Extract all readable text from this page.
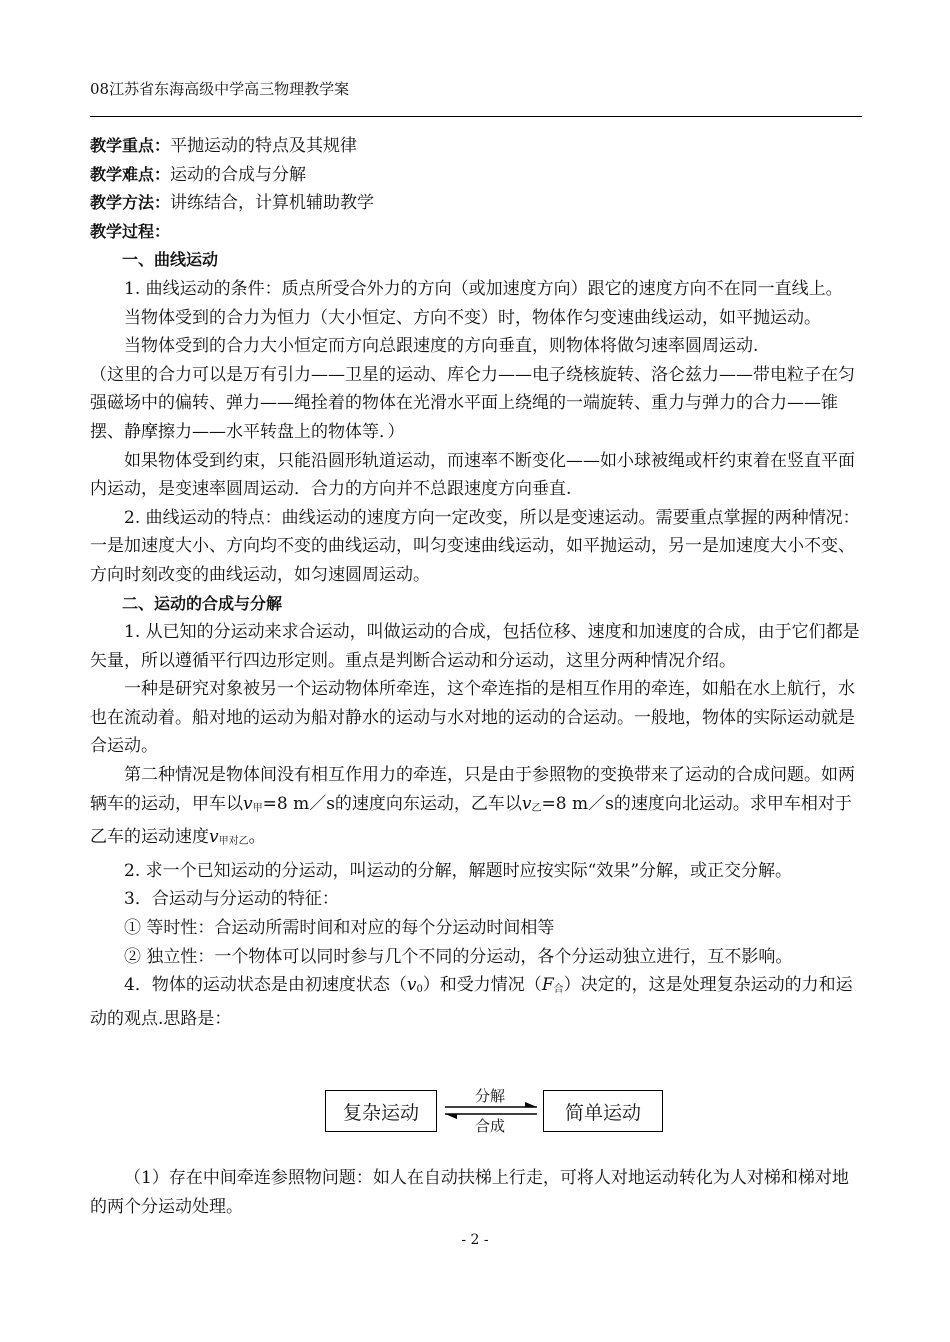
08江苏省东海高级中学高三物理教学案

教学重点：平抛运动的特点及其规律

教学难点：运动的合成与分解

教学方法：讲练结合，计算机辅助教学

教学过程：

一、曲线运动

1. 曲线运动的条件：质点所受合外力的方向（或加速度方向）跟它的速度方向不在同一直线上。

当物体受到的合力为恒力（大小恒定、方向不变）时，物体作匀变速曲线运动，如平抛运动。

当物体受到的合力大小恒定而方向总跟速度的方向垂直，则物体将做匀速率圆周运动.

（这里的合力可以是万有引力——卫星的运动、库仑力——电子绕核旋转、洛仑兹力——带电粒子在匀强磁场中的偏转、弹力——绳拴着的物体在光滑水平面上绕绳的一端旋转、重力与弹力的合力——锥摆、静摩擦力——水平转盘上的物体等．）

如果物体受到约束，只能沿圆形轨道运动，而速率不断变化——如小球被绳或杆约束着在竖直平面内运动，是变速率圆周运动．合力的方向并不总跟速度方向垂直.

2. 曲线运动的特点：曲线运动的速度方向一定改变，所以是变速运动。需要重点掌握的两种情况：一是加速度大小、方向均不变的曲线运动，叫匀变速曲线运动，如平抛运动，另一是加速度大小不变、方向时刻改变的曲线运动，如匀速圆周运动。

二、运动的合成与分解

1. 从已知的分运动来求合运动，叫做运动的合成，包括位移、速度和加速度的合成，由于它们都是矢量，所以遵循平行四边形定则。重点是判断合运动和分运动，这里分两种情况介绍。

一种是研究对象被另一个运动物体所牵连，这个牵连指的是相互作用的牵连，如船在水上航行，水也在流动着。船对地的运动为船对静水的运动与水对地的运动的合运动。一般地，物体的实际运动就是合运动。

第二种情况是物体间没有相互作用力的牵连，只是由于参照物的变换带来了运动的合成问题。如两辆车的运动，甲车以$v_甲=8$ m／s的速度向东运动，乙车以$v_乙=8$ m／s的速度向北运动。求甲车相对于乙车的运动速度$v_{甲对乙}$。

2. 求一个已知运动的分运动，叫运动的分解，解题时应按实际“效果”分解，或正交分解。

3．合运动与分运动的特征：

① 等时性：合运动所需时间和对应的每个分运动时间相等

② 独立性：一个物体可以同时参与几个不同的分运动，各个分运动独立进行，互不影响。

4．物体的运动状态是由初速度状态$(v_0)$和受力情况$(F_合)$决定的，这是处理复杂运动的力和运动的观点.思路是：

复杂运动
分解
合成
简单运动

（1）存在中间牵连参照物问题：如人在自动扶梯上行走，可将人对地运动转化为人对梯和梯对地的两个分运动处理。

- 2 -
